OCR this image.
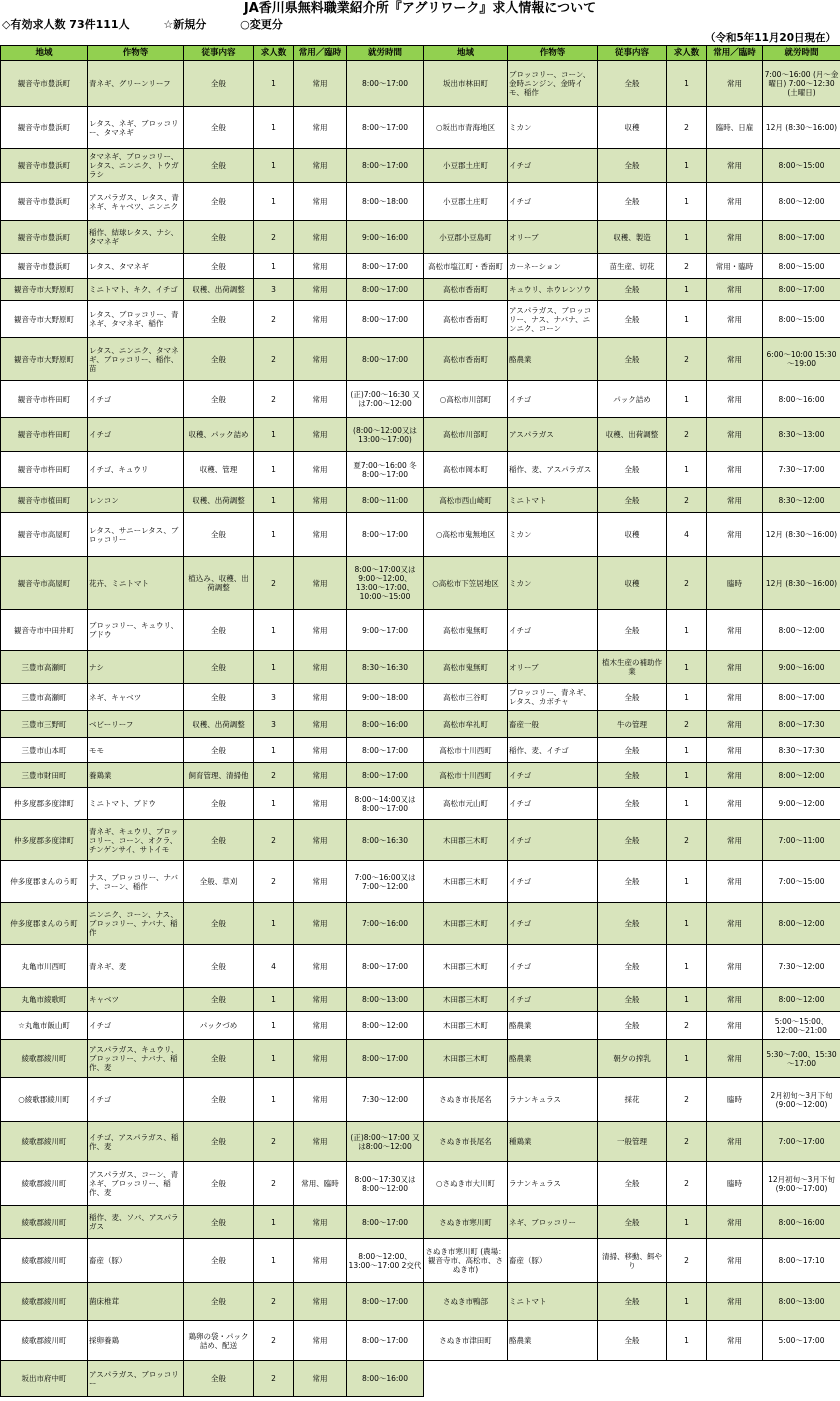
JA香川県無料職業紹介所『アグリワーク』求人情報について
◇有効求人数 73件111人	☆新規分	○変更分
（令和5年11月20日現在）
地域	作物等	従事内容	求人数	常用／臨時	就労時間
観音寺市豊浜町	青ネギ、グリーンリーフ	全般	1	常用	8:00～17:00
観音寺市豊浜町	レタス、ネギ、ブロッコリー、タマネギ	全般	1	常用	8:00～17:00
観音寺市豊浜町	タマネギ、ブロッコリー、レタス、ニンニク、トウガラシ	全般	1	常用	8:00～17:00
観音寺市豊浜町	アスパラガス、レタス、青ネギ、キャベツ、ニンニク	全般	1	常用	8:00～18:00
観音寺市豊浜町	稲作、結球レタス、ナシ、タマネギ	全般	2	常用	9:00～16:00
観音寺市豊浜町	レタス、タマネギ	全般	1	常用	8:00～17:00
観音寺市大野原町	ミニトマト、キク、イチゴ	収穫、出荷調整	3	常用	8:00～17:00
観音寺市大野原町	レタス、ブロッコリー、青ネギ、タマネギ、稲作	全般	2	常用	8:00～17:00
観音寺市大野原町	レタス、ニンニク、タマネギ、ブロッコリー、稲作、苗	全般	2	常用	8:00～17:00
観音寺市杵田町	イチゴ	全般	2	常用	(正)7:00～16:30 又は7:00～12:00
観音寺市杵田町	イチゴ	収穫、パック詰め	1	常用	(8:00～12:00又は13:00～17:00)
観音寺市杵田町	イチゴ、キュウリ	収穫、管理	1	常用	夏7:00～16:00 冬8:00～17:00
観音寺市植田町	レンコン	収穫、出荷調整	1	常用	8:00～11:00
観音寺市高屋町	レタス、サニーレタス、ブロッコリー	全般	1	常用	8:00～17:00
観音寺市高屋町	花卉、ミニトマト	植込み、収穫、出荷調整	2	常用	8:00～17:00又は 9:00～12:00、13:00～17:00、10:00～15:00
観音寺市中田井町	ブロッコリー、キュウリ、ブドウ	全般	1	常用	9:00～17:00
三豊市高瀬町	ナシ	全般	1	常用	8:30～16:30
三豊市高瀬町	ネギ、キャベツ	全般	3	常用	9:00～18:00
三豊市三野町	ベビーリーフ	収穫、出荷調整	3	常用	8:00～16:00
三豊市山本町	モモ	全般	1	常用	8:00～17:00
三豊市財田町	養鶏業	飼育管理、清掃他	2	常用	8:00～17:00
仲多度郡多度津町	ミニトマト、ブドウ	全般	1	常用	8:00～14:00又は 8:00～17:00
仲多度郡多度津町	青ネギ、キュウリ、ブロッコリー、コーン、オクラ、チンゲンサイ、サトイモ	全般	2	常用	8:00～16:30
仲多度郡まんのう町	ナス、ブロッコリー、ナバナ、コーン、稲作	全般、草刈	2	常用	7:00～16:00又は 7:00～12:00
仲多度郡まんのう町	ニンニク、コーン、ナス、ブロッコリー、ナバナ、稲作	全般	1	常用	7:00～16:00
丸亀市川西町	青ネギ、麦	全般	4	常用	8:00～17:00
丸亀市綾歌町	キャベツ	全般	1	常用	8:00～13:00
☆丸亀市飯山町	イチゴ	パックづめ	1	常用	8:00～12:00
綾歌郡綾川町	アスパラガス、キュウリ、ブロッコリー、ナバナ、稲作、麦	全般	1	常用	8:00～17:00
○綾歌郡綾川町	イチゴ	全般	1	常用	7:30～12:00
綾歌郡綾川町	イチゴ、アスパラガス、稲作、麦	全般	2	常用	(正)8:00～17:00 又は8:00～12:00
綾歌郡綾川町	アスパラガス、コーン、青ネギ、ブロッコリー、稲作、麦	全般	2	常用、臨時	8:00～17:30又は 8:00～12:00
綾歌郡綾川町	稲作、麦、ソバ、アスパラガス	全般	1	常用	8:00～17:00
綾歌郡綾川町	畜産（豚）	全般	1	常用	8:00～12:00、13:00～17:00 2交代
綾歌郡綾川町	菌床椎茸	全般	2	常用	8:00～17:00
綾歌郡綾川町	採卵養鶏	鶏卵の袋・パック詰め、配送	2	常用	8:00～17:00
坂出市府中町	アスパラガス、ブロッコリー	全般	2	常用	8:00～16:00
地域	作物等	従事内容	求人数	常用／臨時	就労時間
坂出市林田町	ブロッコリー、コーン、金時ニンジン、金時イモ、稲作	全般	1	常用	7:00～16:00 (月～金曜日) 7:00～12:30 (土曜日)
○坂出市青海地区	ミカン	収穫	2	臨時、日雇	12月 (8:30～16:00)
小豆郡土庄町	イチゴ	全般	1	常用	8:00～15:00
小豆郡土庄町	イチゴ	全般	1	常用	8:00～12:00
小豆郡小豆島町	オリーブ	収穫、製造	1	常用	8:00～17:00
高松市塩江町・香南町	カーネーション	苗生産、切花	2	常用・臨時	8:00～15:00
高松市香南町	キュウリ、ホウレンソウ	全般	1	常用	8:00～17:00
高松市香南町	アスパラガス、ブロッコリー、ナス、ナバナ、ニンニク、コーン	全般	1	常用	8:00～15:00
高松市香南町	酪農業	全般	2	常用	6:00～10:00 15:30～19:00
○高松市川部町	イチゴ	パック詰め	1	常用	8:00～16:00
高松市川部町	アスパラガス	収穫、出荷調整	2	常用	8:30～13:00
高松市岡本町	稲作、麦、アスパラガス	全般	1	常用	7:30～17:00
高松市西山崎町	ミニトマト	全般	2	常用	8:30～12:00
○高松市鬼無地区	ミカン	収穫	4	常用	12月 (8:30～16:00)
○高松市下笠居地区	ミカン	収穫	2	臨時	12月 (8:30～16:00)
高松市鬼無町	イチゴ	全般	1	常用	8:00～12:00
高松市鬼無町	オリーブ	植木生産の補助作業	1	常用	9:00～16:00
高松市三谷町	ブロッコリー、青ネギ、レタス、カボチャ	全般	1	常用	8:00～17:00
高松市牟礼町	畜産一般	牛の管理	2	常用	8:00～17:30
高松市十川西町	稲作、麦、イチゴ	全般	1	常用	8:30～17:30
高松市十川西町	イチゴ	全般	1	常用	8:00～12:00
高松市元山町	イチゴ	全般	1	常用	9:00～12:00
木田郡三木町	イチゴ	全般	2	常用	7:00～11:00
木田郡三木町	イチゴ	全般	1	常用	7:00～15:00
木田郡三木町	イチゴ	全般	1	常用	8:00～12:00
木田郡三木町	イチゴ	全般	1	常用	7:30～12:00
木田郡三木町	イチゴ	全般	1	常用	8:00～12:00
木田郡三木町	酪農業	全般	2	常用	5:00～15:00、12:00～21:00
木田郡三木町	酪農業	朝夕の搾乳	1	常用	5:30～7:00、15:30～17:00
さぬき市長尾名	ラナンキュラス	採花	2	臨時	2月初旬～3月下旬(9:00～12:00)
さぬき市長尾名	種鶏業	一般管理	2	常用	7:00～17:00
○さぬき市大川町	ラナンキュラス	全般	2	臨時	12月初旬～3月下旬(9:00～17:00)
さぬき市寒川町	ネギ、ブロッコリー	全般	1	常用	8:00～16:00
さぬき市寒川町 (農場：観音寺市、高松市、さぬき市)	畜産（豚）	清掃、移動、餌やり	2	常用	8:00～17:10
さぬき市鴨部	ミニトマト	全般	1	常用	8:00～13:00
さぬき市津田町	酪農業	全般	1	常用	5:00～17:00
